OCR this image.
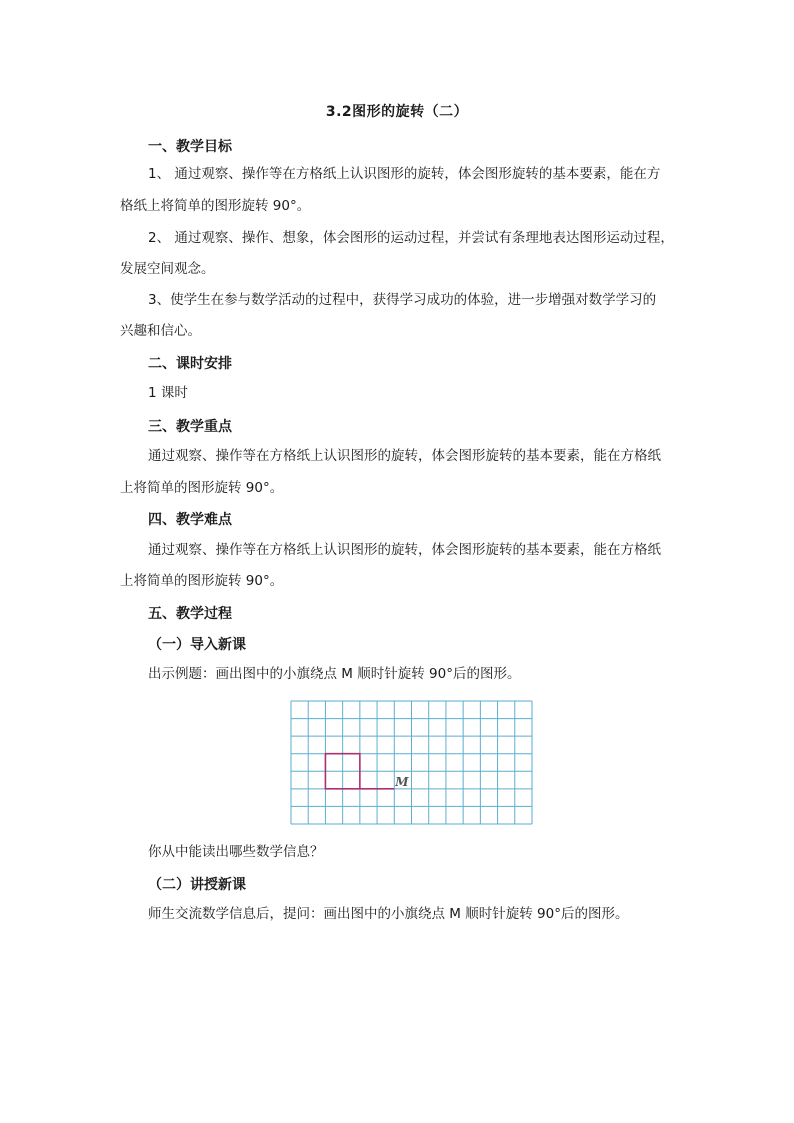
3.2图形的旋转（二）
一、教学目标
1、 通过观察、操作等在方格纸上认识图形的旋转，体会图形旋转的基本要素，能在方
格纸上将简单的图形旋转 90°。
2、 通过观察、操作、想象，体会图形的运动过程，并尝试有条理地表达图形运动过程，
发展空间观念。
3、使学生在参与数学活动的过程中，获得学习成功的体验，进一步增强对数学学习的
兴趣和信心。
二、课时安排
1 课时
三、教学重点
通过观察、操作等在方格纸上认识图形的旋转，体会图形旋转的基本要素，能在方格纸
上将简单的图形旋转 90°。
四、教学难点
通过观察、操作等在方格纸上认识图形的旋转，体会图形旋转的基本要素，能在方格纸
上将简单的图形旋转 90°。
五、教学过程
（一）导入新课
出示例题：画出图中的小旗绕点 M 顺时针旋转 90°后的图形。
M
你从中能读出哪些数学信息？
（二）讲授新课
师生交流数学信息后，提问：画出图中的小旗绕点 M 顺时针旋转 90°后的图形。
